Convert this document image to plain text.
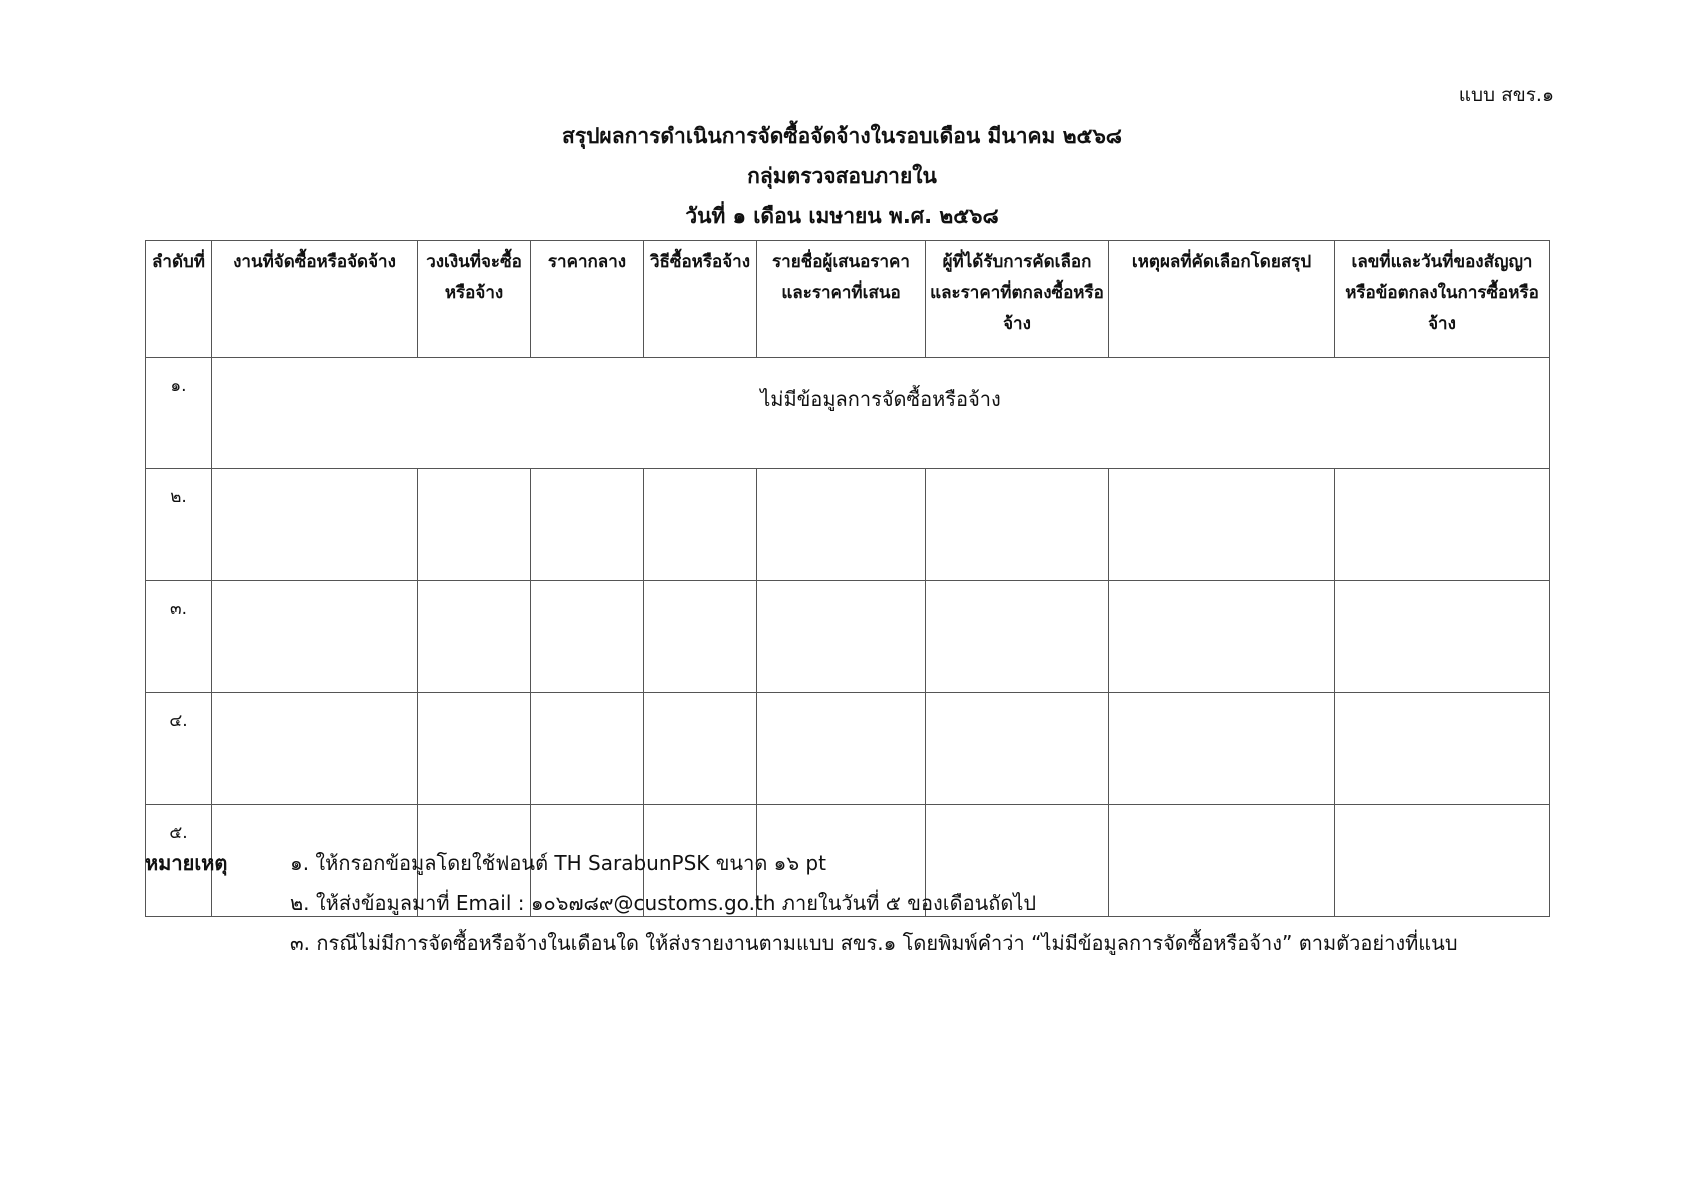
แบบ สขร.๑
สรุปผลการดำเนินการจัดซื้อจัดจ้างในรอบเดือน มีนาคม ๒๕๖๘
กลุ่มตรวจสอบภายใน
วันที่ ๑ เดือน เมษายน พ.ศ. ๒๕๖๘
ลำดับที่	งานที่จัดซื้อหรือจัดจ้าง	วงเงินที่จะซื้อหรือจ้าง	ราคากลาง	วิธีซื้อหรือจ้าง	รายชื่อผู้เสนอราคาและราคาที่เสนอ	ผู้ที่ได้รับการคัดเลือกและราคาที่ตกลงซื้อหรือจ้าง	เหตุผลที่คัดเลือกโดยสรุป	เลขที่และวันที่ของสัญญาหรือข้อตกลงในการซื้อหรือจ้าง
๑.	ไม่มีข้อมูลการจัดซื้อหรือจ้าง							
๒.								
๓.								
๔.								
๕.								
หมายเหตุ	๑. ให้กรอกข้อมูลโดยใช้ฟอนต์ TH SarabunPSK ขนาด ๑๖ pt
๒. ให้ส่งข้อมูลมาที่ Email : ๑๐๖๗๘๙@customs.go.th ภายในวันที่ ๕ ของเดือนถัดไป
๓. กรณีไม่มีการจัดซื้อหรือจ้างในเดือนใด ให้ส่งรายงานตามแบบ สขร.๑ โดยพิมพ์คำว่า “ไม่มีข้อมูลการจัดซื้อหรือจ้าง” ตามตัวอย่างที่แนบ
